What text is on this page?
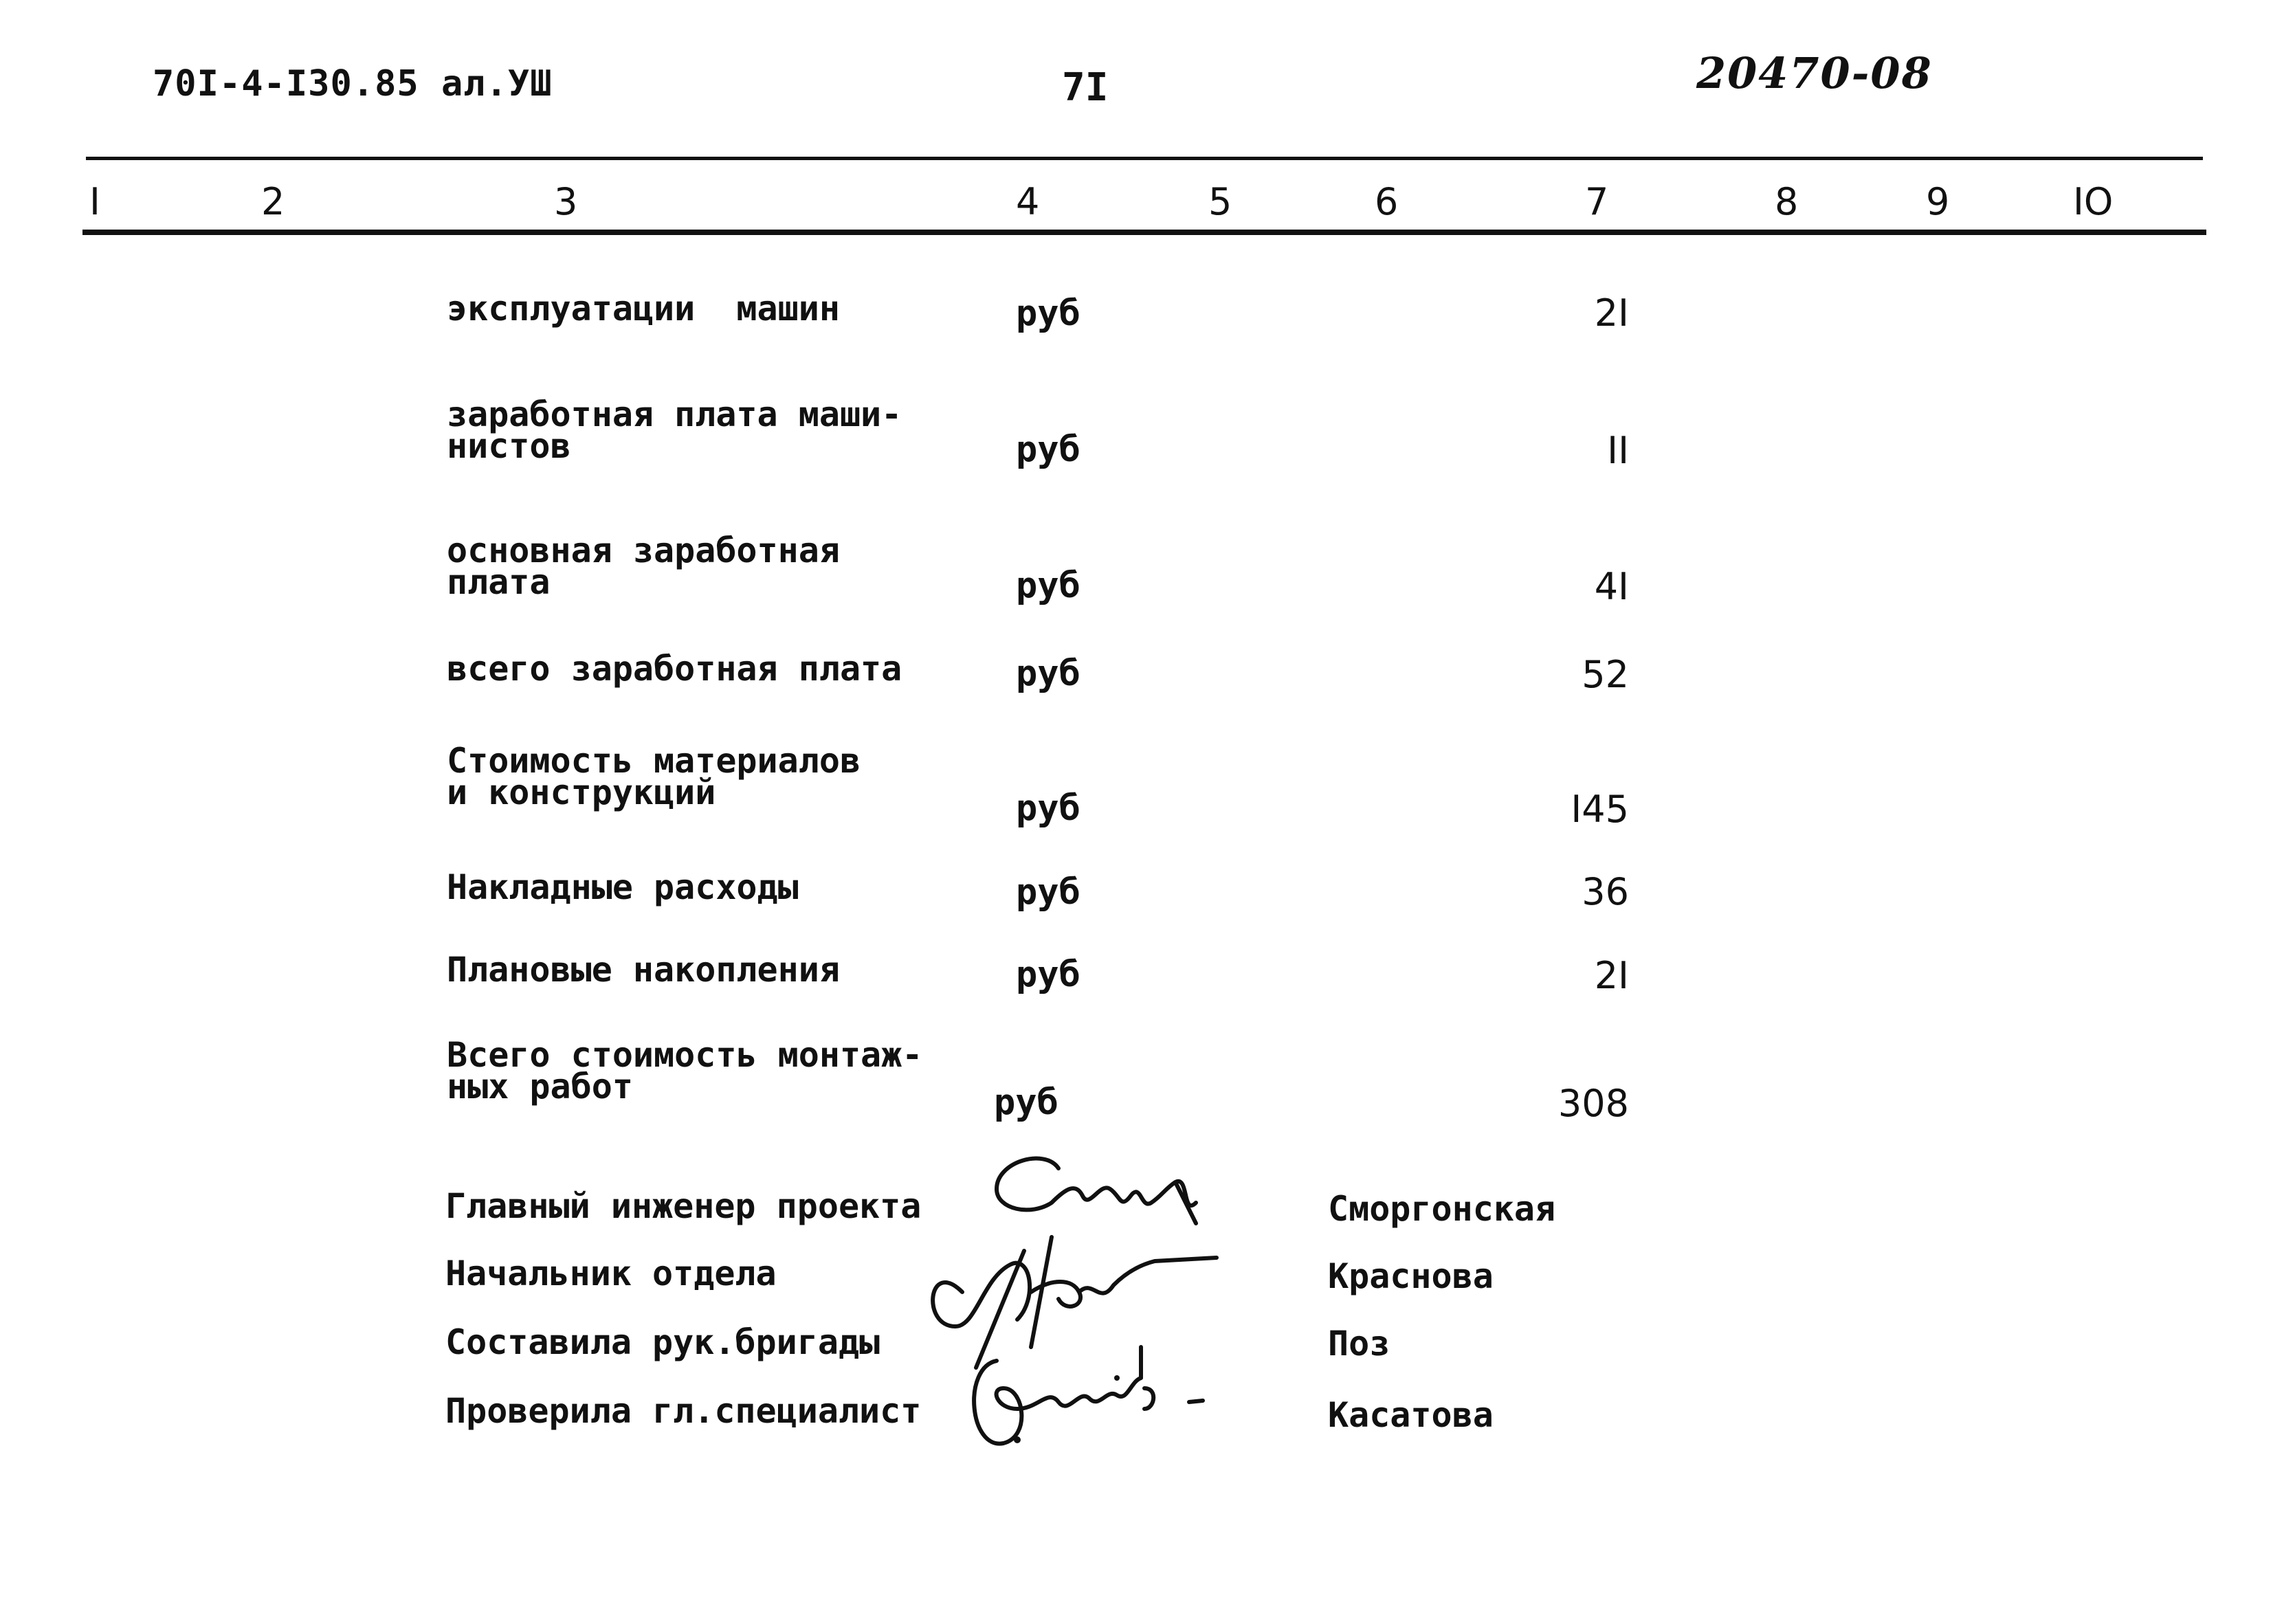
70I-4-I30.85 ал.УШ	7I	20470-08
I	2	3	4	5	6	7	8	9	IO
эксплуатации  машин	руб	2I
заработная плата маши-
нистов	руб	II
основная заработная
плата	руб	4I
всего заработная плата	руб	52
Стоимость материалов
и конструкций	руб	I45
Накладные расходы	руб	36
Плановые накопления	руб	2I
Всего стоимость монтаж-
ных работ	руб	308
Главный инженер проекта	Сморгонская
Начальник отдела	Краснова
Составила рук.бригады	Поз
Проверила гл.специалист	Касатова
